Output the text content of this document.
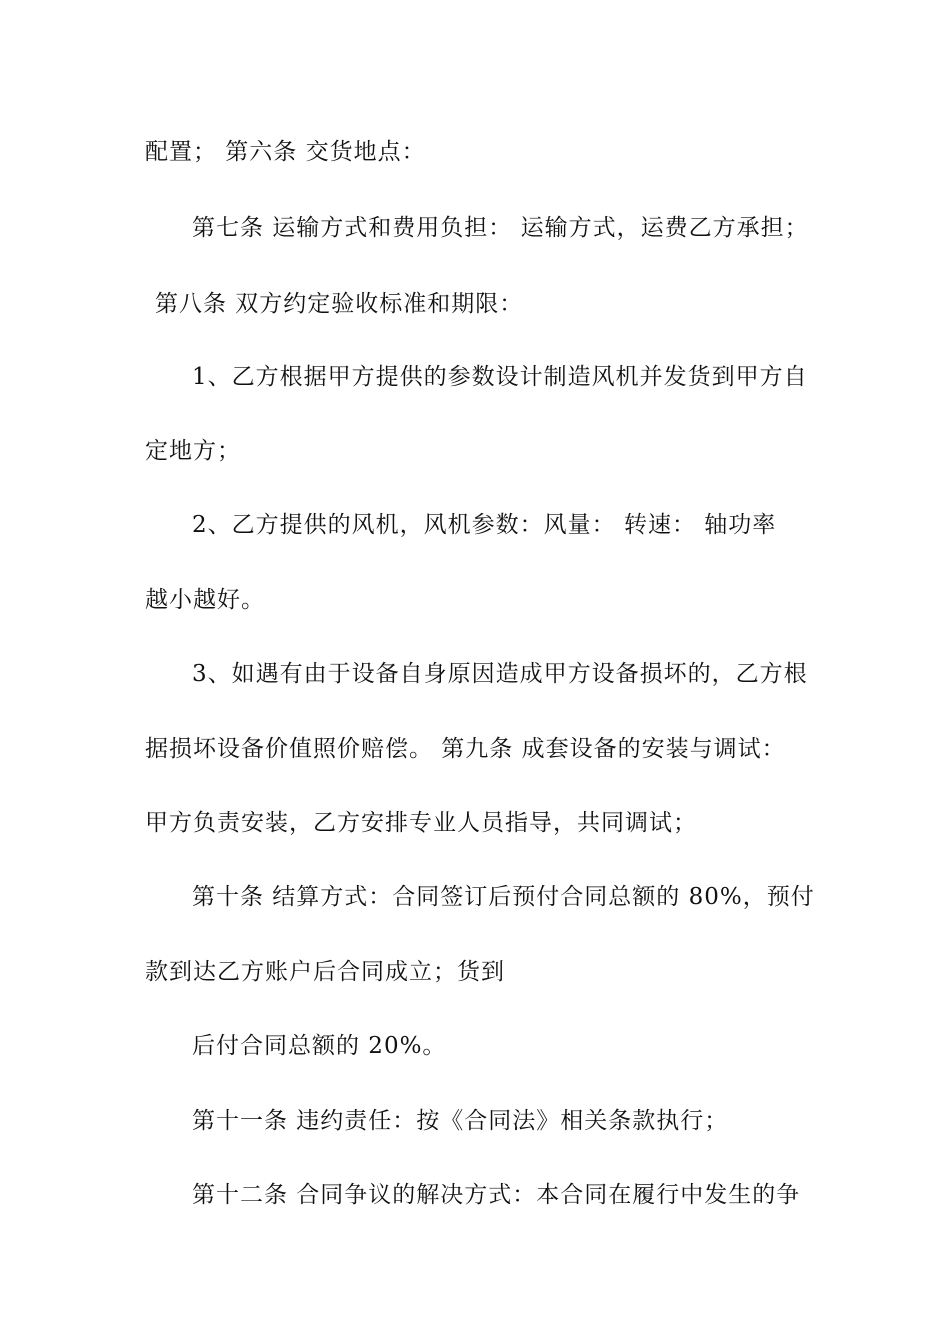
配置； 第六条 交货地点：
第七条 运输方式和费用负担： 运输方式，运费乙方承担；
第八条 双方约定验收标准和期限：
1、乙方根据甲方提供的参数设计制造风机并发货到甲方自
定地方；
2、乙方提供的风机，风机参数：风量： 转速： 轴功率
越小越好。
3、如遇有由于设备自身原因造成甲方设备损坏的，乙方根
据损坏设备价值照价赔偿。 第九条 成套设备的安装与调试：
甲方负责安装，乙方安排专业人员指导，共同调试；
第十条 结算方式：合同签订后预付合同总额的 80%，预付
款到达乙方账户后合同成立；货到
后付合同总额的 20%。
第十一条 违约责任：按《合同法》相关条款执行；
第十二条 合同争议的解决方式：本合同在履行中发生的争
